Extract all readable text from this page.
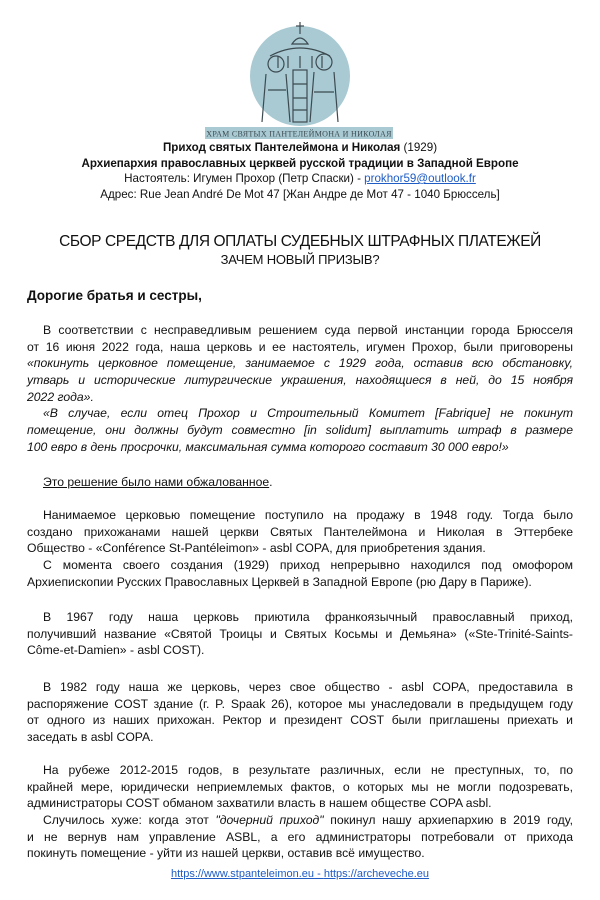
ХРАМ СВЯТЫХ ПАНТЕЛЕЙМОНА И НИКОЛАЯ
Приход святых Пантелеймона и Николая (1929)
Архиепархия православных церквей русской традиции в Западной Европе
Настоятель: Игумен Прохор (Петр Спаски) - prokhor59@outlook.fr
Адрес: Rue Jean André De Mot 47 [Жан Андре де Мот 47 - 1040 Брюссель]
СБОР СРЕДСТВ ДЛЯ ОПЛАТЫ СУДЕБНЫХ ШТРАФНЫХ ПЛАТЕЖЕЙ
ЗАЧЕМ НОВЫЙ ПРИЗЫВ?
Дорогие братья и сестры,
В соответствии с несправедливым решением суда первой инстанции города Брюсселя
от 16 июня 2022 года, наша церковь и ее настоятель, игумен Прохор, были приговорены
«покинуть церковное помещение, занимаемое с 1929 года, оставив всю обстановку,
утварь и исторические литургические украшения, находящиеся в ней, до 15 ноября
2022 года».
«В случае, если отец Прохор и Строительный Комитет [Fabrique] не покинут
помещение, они должны будут совместно [in solidum] выплатить штраф в размере
100 евро в день просрочки, максимальная сумма которого составит 30 000 евро!»
Это решение было нами обжалованное.
Нанимаемое церковью помещение поступило на продажу в 1948 году. Тогда было
создано прихожанами нашей церкви Святых Пантелеймона и Николая в Эттербеке
Общество - «Conférence St-Pantéleimon» - asbl COPA, для приобретения здания.
С момента своего создания (1929) приход непрерывно находился под омофором
Архиепископии Русских Православных Церквей в Западной Европе (рю Дару в Париже).
В 1967 году наша церковь приютила франкоязычный православный приход,
получивший название «Святой Троицы и Святых Косьмы и Демьяна» («Ste-Trinité-Saints-
Côme-et-Damien» - asbl COST).
В 1982 году наша же церковь, через свое общество - asbl COPA, предоставила в
распоряжение COST здание (г. P. Spaak 26), которое мы унаследовали в предыдущем году
от одного из наших прихожан. Ректор и президент COST были приглашены приехать и
заседать в asbl COPA.
На рубеже 2012-2015 годов, в результате различных, если не преступных, то, по
крайней мере, юридически неприемлемых фактов, о которых мы не могли подозревать,
администраторы COST обманом захватили власть в нашем обществе COPA asbl.
Случилось хуже: когда этот "дочерний приход" покинул нашу архиепархию в 2019 году,
и не вернув нам управление ASBL, а его администраторы потребовали от прихода
покинуть помещение - уйти из нашей церкви, оставив всё имущество.
https://www.stpanteleimon.eu - https://archeveche.eu
